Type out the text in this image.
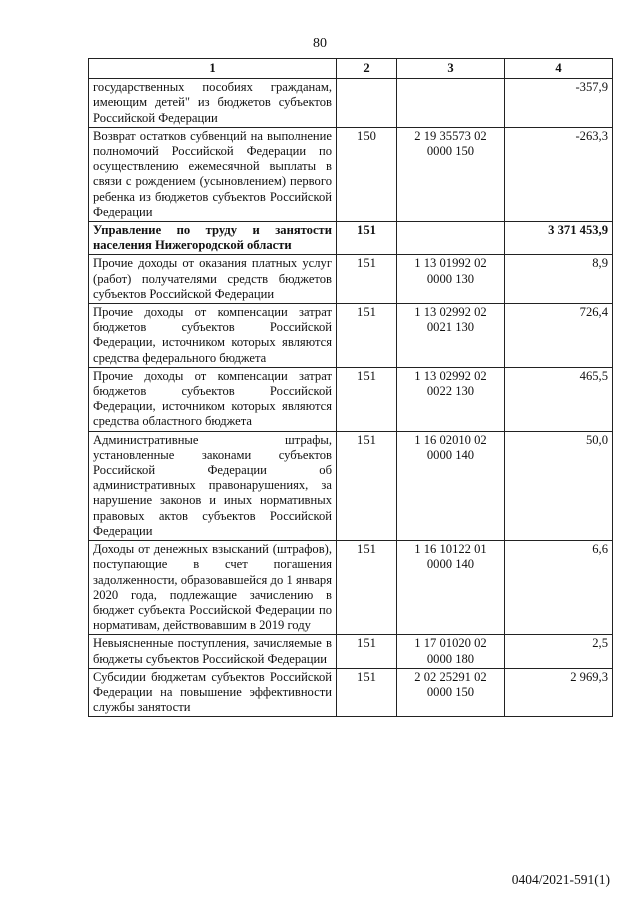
80
1	2	3	4
государственных пособиях гражданам, имеющим детей" из бюджетов субъектов Российской Федерации			-357,9
Возврат остатков субвенций на выполнение полномочий Российской Федерации по осуществлению ежемесячной выплаты в связи с рождением (усыновлением) первого ребенка из бюджетов субъектов Российской Федерации	150	2 19 35573 02 0000 150	-263,3
Управление по труду и занятости населения Нижегородской области	151		3 371 453,9
Прочие доходы от оказания платных услуг (работ) получателями средств бюджетов субъектов Российской Федерации	151	1 13 01992 02 0000 130	8,9
Прочие доходы от компенсации затрат бюджетов субъектов Российской Федерации, источником которых являются средства федерального бюджета	151	1 13 02992 02 0021 130	726,4
Прочие доходы от компенсации затрат бюджетов субъектов Российской Федерации, источником которых являются средства областного бюджета	151	1 13 02992 02 0022 130	465,5
Административные штрафы, установленные законами субъектов Российской Федерации об административных правонарушениях, за нарушение законов и иных нормативных правовых актов субъектов Российской Федерации	151	1 16 02010 02 0000 140	50,0
Доходы от денежных взысканий (штрафов), поступающие в счет погашения задолженности, образовавшейся до 1 января 2020 года, подлежащие зачислению в бюджет субъекта Российской Федерации по нормативам, действовавшим в 2019 году	151	1 16 10122 01 0000 140	6,6
Невыясненные поступления, зачисляемые в бюджеты субъектов Российской Федерации	151	1 17 01020 02 0000 180	2,5
Субсидии бюджетам субъектов Российской Федерации на повышение эффективности службы занятости	151	2 02 25291 02 0000 150	2 969,3
0404/2021-591(1)
